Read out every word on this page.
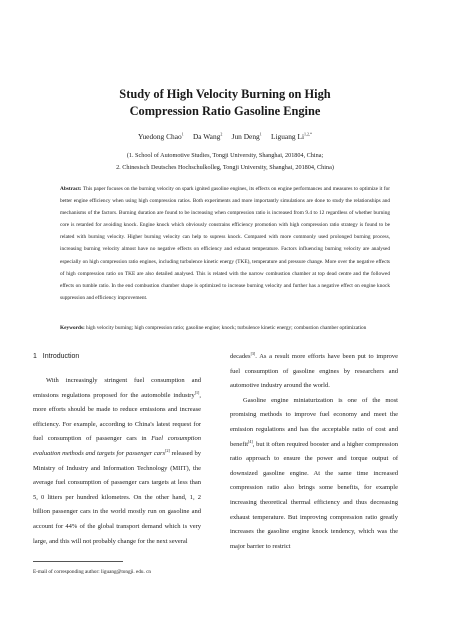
Study of High Velocity Burning on High
Compression Ratio Gasoline Engine
Yuedong Chao$^1$ Da Wang$^2$ Jun Deng$^1$ Liguang $Li^{1,2,*}$
(1. School of Automotive Studies, Tongji University, Shanghai, 201804, China;
2. Chinesisch Deutsches Hochschulkolleg, Tongji University, Shanghai, 201804, China)
Abstract: This paper focuses on the burning velocity on spark ignited gasoline engines, its effects on engine performances and measures to optimize it for better engine efficiency when using high compression ratios. Both experiments and more importantly simulations are done to study the relationships and mechanisms of the factors. Burning duration are found to be increasing when compression ratio is increased from 9.4 to 12 regardless of whether burning core is retarded for avoiding knock. Engine knock which obviously constrains efficiency promotion with high compression ratio strategy is found to be related with burning velocity. Higher burning velocity can help to supress knock. Compared with more commonly used prolonged burning process, increasing burning velocity almost have no negative effects on efficiency and exhaust temperature. Factors influencing burning velocity are analysed especially on high compression ratio engines, including turbulence kinetic energy (TKE), temperature and pressure change. More over the negative effects of high compression ratio on TKE are also detailed analysed. This is related with the narrow combustion chamber at top dead centre and the followed effects on tumble ratio. In the end combustion chamber shape is optimized to increase burning velocity and further has a negative effect on engine knock suppression and efficiency improvement.
Keywords: high velocity burning; high compression ratio; gasoline engine; knock; turbulence kinetic energy; combustion chamber optimization
1 Introduction

With increasingly stringent fuel consumption and emissions regulations proposed for the automobile industry[1], more efforts should be made to reduce emissions and increase efficiency. For example, according to China's latest request for fuel consumption of passenger cars in Fuel consumption evaluation methods and targets for passenger cars[2] released by Ministry of Industry and Information Technology (MIIT), the average fuel consumption of passenger cars targets at less than 5, 0 litters per hundred kilometres. On the other hand, 1, 2 billion passenger cars in the world mostly run on gasoline and account for 44% of the global transport demand which is very large, and this will not probably change for the next several

decades[3]. As a result more efforts have been put to improve fuel consumption of gasoline engines by researchers and automotive industry around the world.

Gasoline engine miniaturization is one of the most promising methods to improve fuel economy and meet the emission regulations and has the acceptable ratio of cost and benefit[4], but it often required booster and a higher compression ratio approach to ensure the power and torque output of downsized gasoline engine. At the same time increased compression ratio also brings some benefits, for example increasing theoretical thermal efficiency and thus decreasing exhaust temperature. But improving compression ratio greatly increases the gasoline engine knock tendency, which was the major barrier to restrict

E-mail of corresponding author: liguang@tongji. edu. cn
